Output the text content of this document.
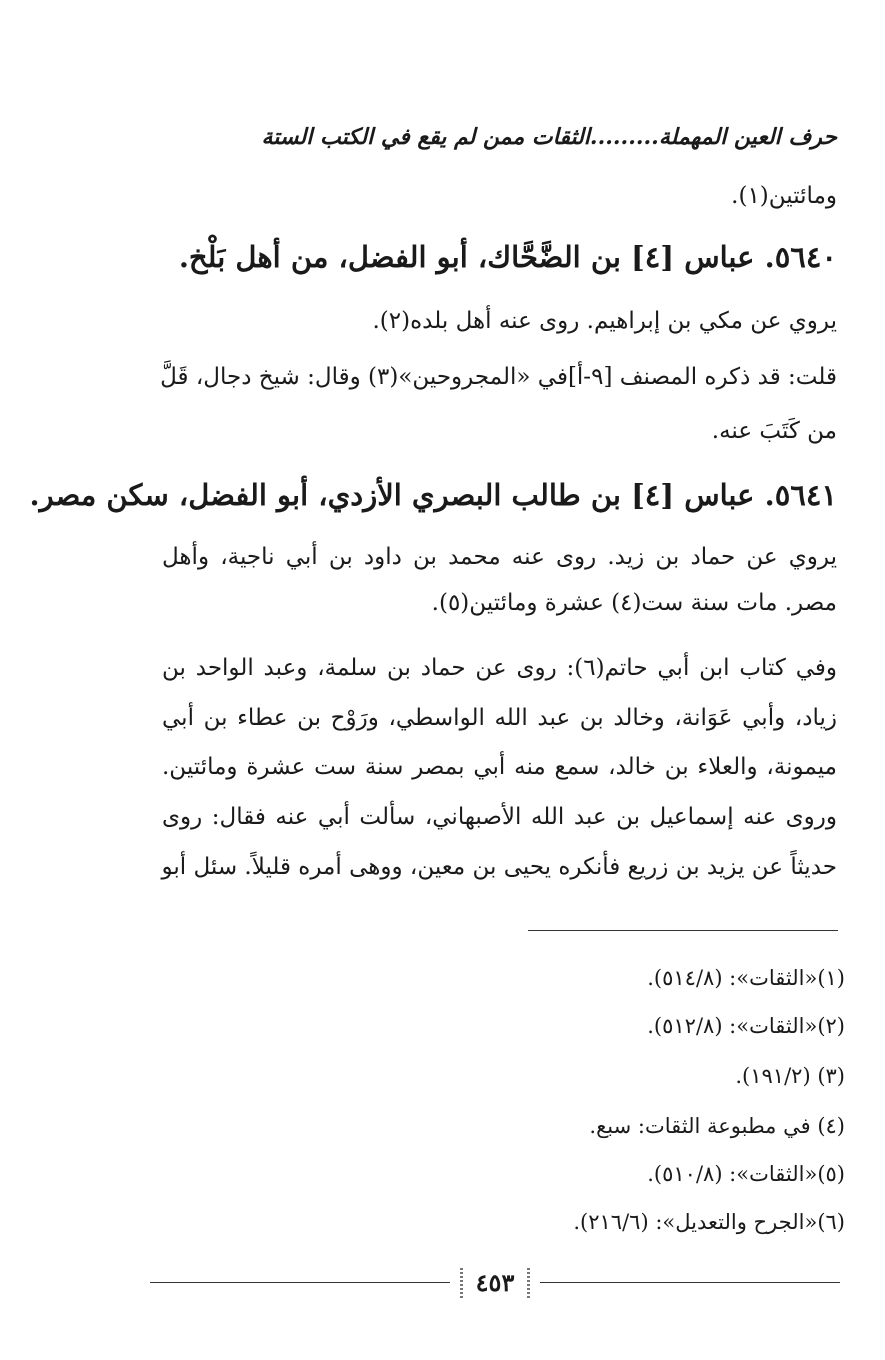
حرف العين المهملة.........الثقات ممن لم يقع في الكتب الستة
ومائتين(١).
٥٦٤٠. عباس [٤] بن الضَّحَّاك، أبو الفضل، من أهل بَلْخ.
يروي عن مكي بن إبراهيم. روى عنه أهل بلده(٢).
قلت: قد ذكره المصنف [٩-أ]في «المجروحين»(٣) وقال: شيخ دجال، قَلَّ
من كَتَبَ عنه.
٥٦٤١. عباس [٤] بن طالب البصري الأزدي، أبو الفضل، سكن مصر.
يروي عن حماد بن زيد. روى عنه محمد بن داود بن أبي ناجية، وأهل
مصر. مات سنة ست(٤) عشرة ومائتين(٥).
وفي كتاب ابن أبي حاتم(٦): روى عن حماد بن سلمة، وعبد الواحد بن
زياد، وأبي عَوَانة، وخالد بن عبد الله الواسطي، ورَوْح بن عطاء بن أبي
ميمونة، والعلاء بن خالد، سمع منه أبي بمصر سنة ست عشرة ومائتين.
وروى عنه إسماعيل بن عبد الله الأصبهاني، سألت أبي عنه فقال: روى
حديثاً عن يزيد بن زريع فأنكره يحيى بن معين، ووهى أمره قليلاً. سئل أبو
(١)«الثقات»: (٥١٤/٨).
(٢)«الثقات»: (٥١٢/٨).
(٣) (١٩١/٢).
(٤) في مطبوعة الثقات: سبع.
(٥)«الثقات»: (٥١٠/٨).
(٦)«الجرح والتعديل»: (٢١٦/٦).
٤٥٣
